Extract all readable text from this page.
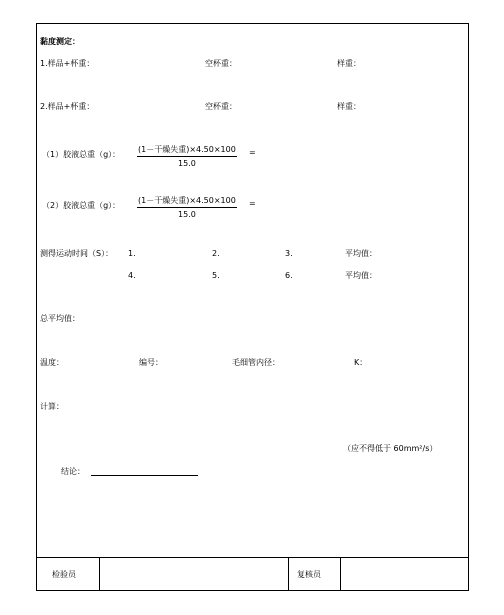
黏度测定：
1.样品+杯重：	空杯重：	样重：
2.样品+杯重：	空杯重：	样重：
（1）胶液总重（g）：
(1－干燥失重)×4.50×100
15.0
=
（2）胶液总重（g）：
(1－干燥失重)×4.50×100
15.0
=
测得运动时间（S）： 1.	2.	3.	平均值：
4.	5.	6.	平均值：
总平均值：
温度：	编号：	毛细管内径：	K：
计算：
（应不得低于 60mm²/s）
结论：
检验员	复核员
